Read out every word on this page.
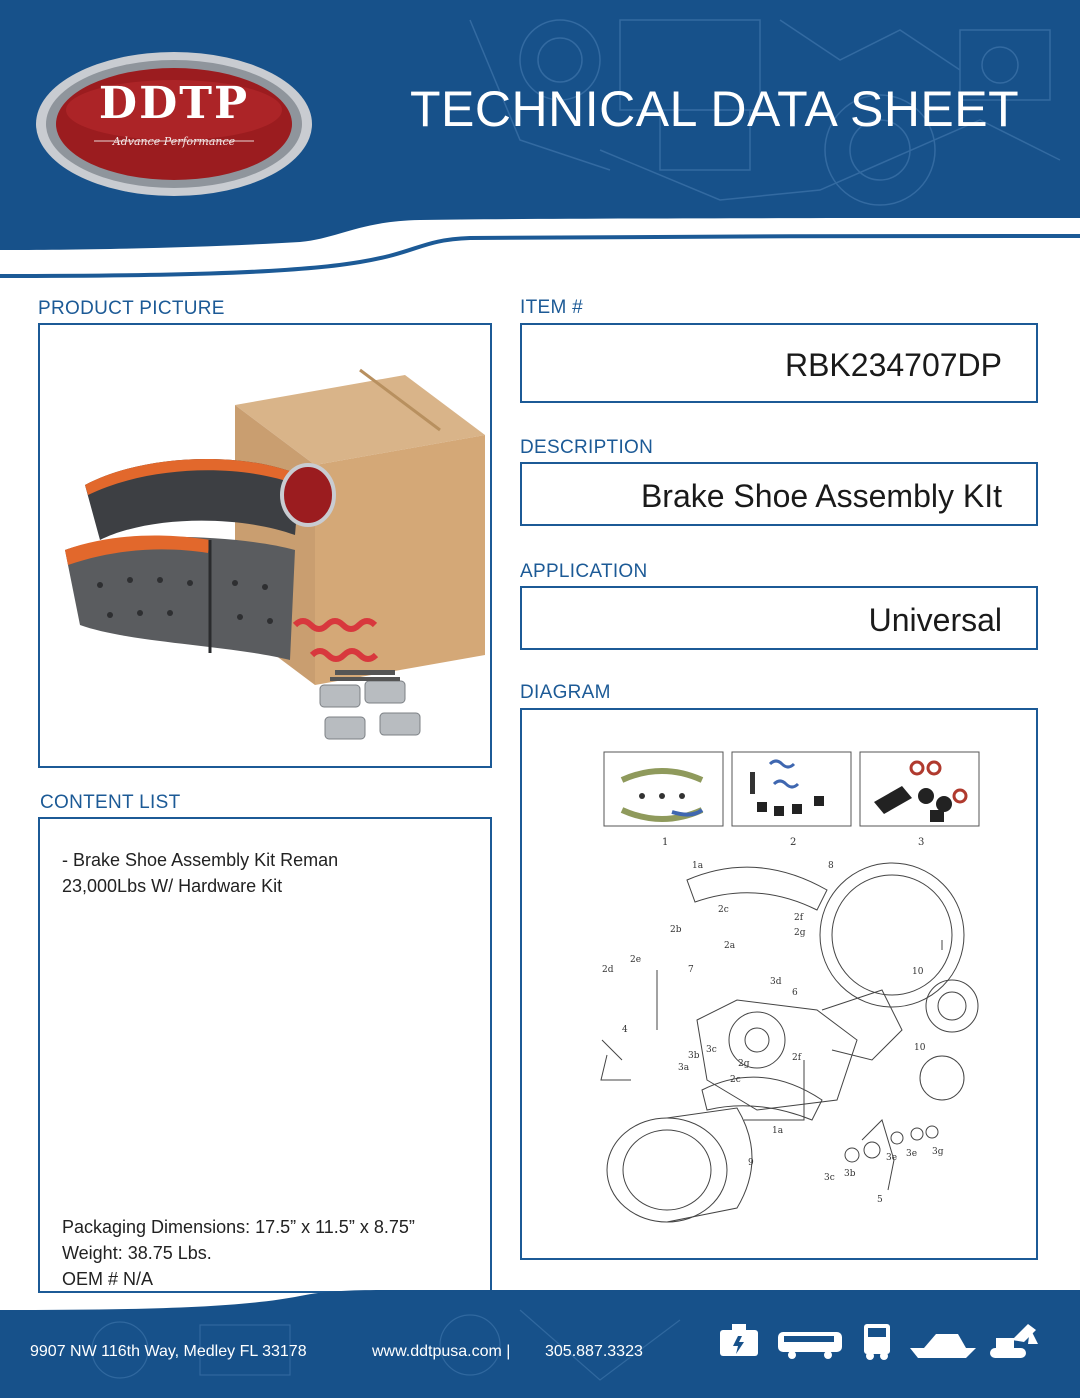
DDTP
Advance Performance
TECHNICAL DATA SHEET
PRODUCT PICTURE	ITEM #
RBK234707DP
DESCRIPTION
Brake Shoe Assembly KIt
APPLICATION
Universal
DIAGRAM
1	2	3
1a
2c
2f
2g
2b
2a
8
2e
2d	7
3d
6
10
4
3b
3c
3a	2g
2f
10
2c
1a
9	3e 3e 3g
3c 3b
5
CONTENT LIST
- Brake Shoe Assembly Kit Reman
23,000Lbs W/ Hardware Kit
Packaging Dimensions: 17.5” x 11.5” x 8.75”
Weight: 38.75 Lbs.
OEM # N/A
9907 NW 116th Way, Medley FL 33178	www.ddtpusa.com | 305.887.3323
